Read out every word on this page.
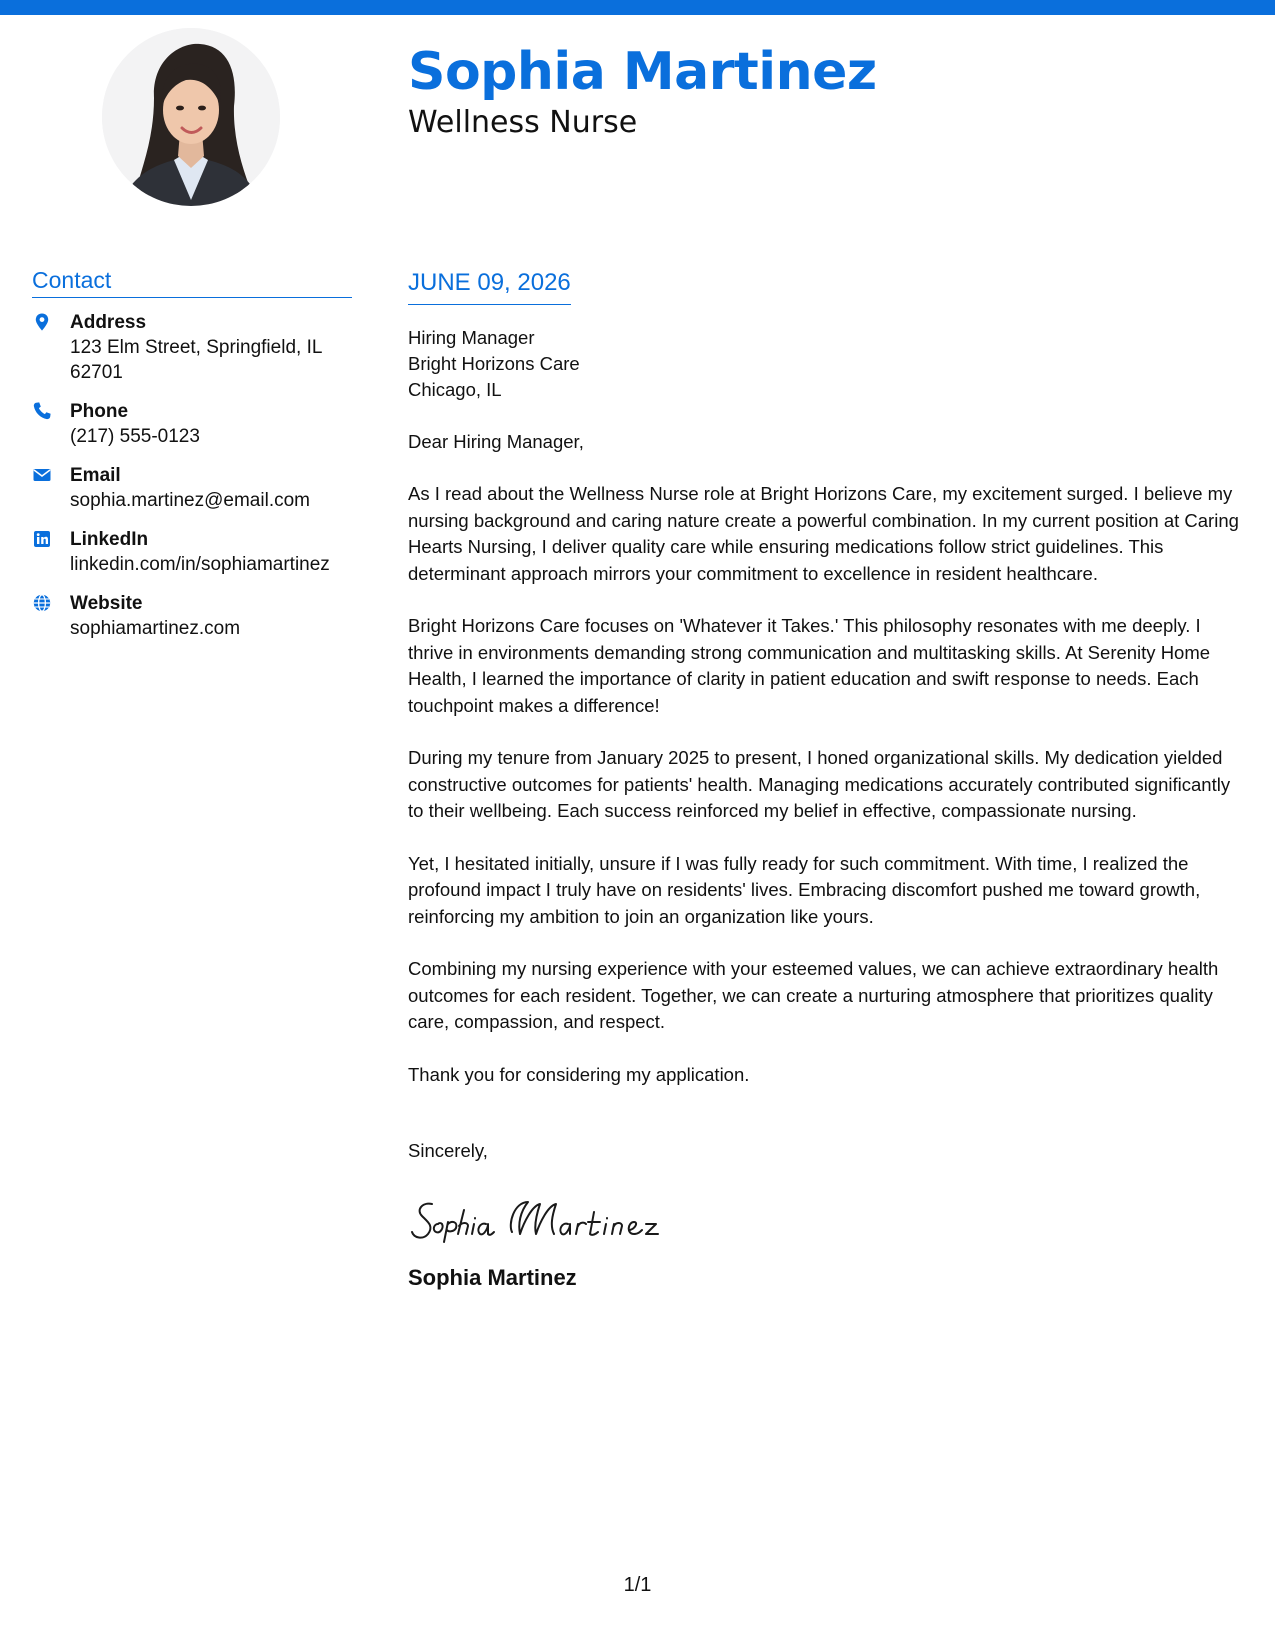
Sophia Martinez
Wellness Nurse
Contact
Address
123 Elm Street, Springfield, IL 62701
Phone
(217) 555-0123
Email
sophia.martinez@email.com
LinkedIn
linkedin.com/in/sophiamartinez
Website
sophiamartinez.com
JUNE 09, 2026
Hiring Manager
Bright Horizons Care
Chicago, IL
Dear Hiring Manager,

As I read about the Wellness Nurse role at Bright Horizons Care, my excitement surged. I believe my nursing background and caring nature create a powerful combination. In my current position at Caring Hearts Nursing, I deliver quality care while ensuring medications follow strict guidelines. This determinant approach mirrors your commitment to excellence in resident healthcare.

Bright Horizons Care focuses on 'Whatever it Takes.' This philosophy resonates with me deeply. I thrive in environments demanding strong communication and multitasking skills. At Serenity Home Health, I learned the importance of clarity in patient education and swift response to needs. Each touchpoint makes a difference!

During my tenure from January 2025 to present, I honed organizational skills. My dedication yielded constructive outcomes for patients' health. Managing medications accurately contributed significantly to their wellbeing. Each success reinforced my belief in effective, compassionate nursing.

Yet, I hesitated initially, unsure if I was fully ready for such commitment. With time, I realized the profound impact I truly have on residents' lives. Embracing discomfort pushed me toward growth, reinforcing my ambition to join an organization like yours.

Combining my nursing experience with your esteemed values, we can achieve extraordinary health outcomes for each resident. Together, we can create a nurturing atmosphere that prioritizes quality care, compassion, and respect.

Thank you for considering my application.

Sincerely,
Sophia Martinez
1/1
